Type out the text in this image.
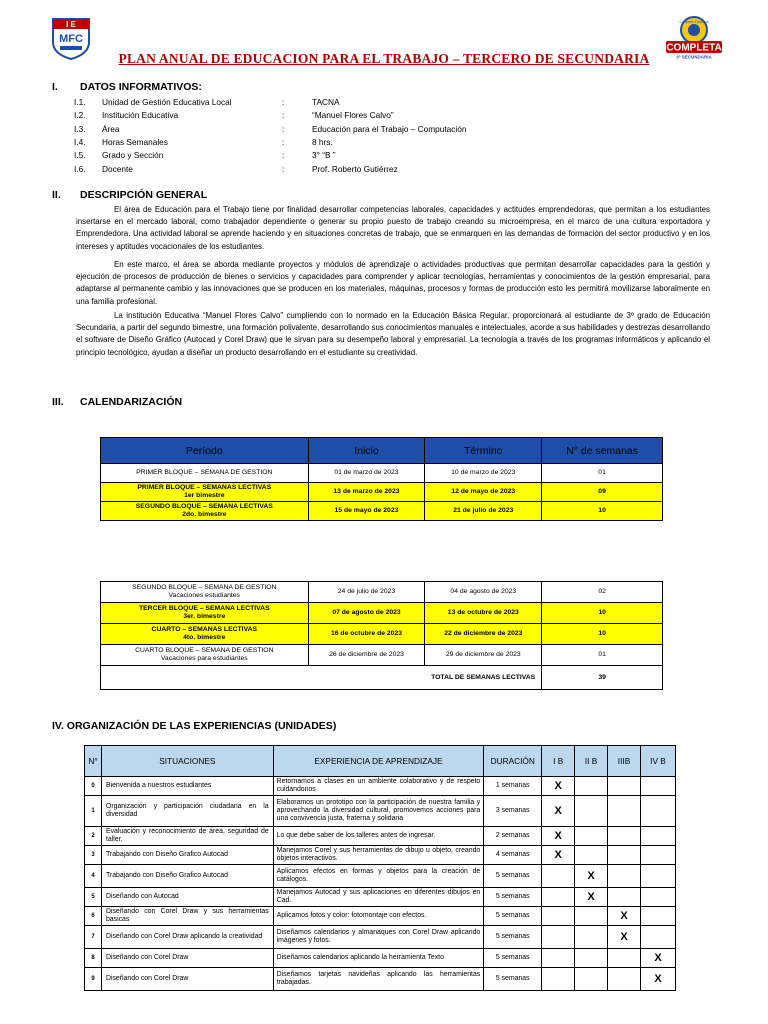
I E
MFC
Carpeta Técnica
COMPLETA
3° SECUNDARIA
PLAN ANUAL DE EDUCACION PARA EL TRABAJO – TERCERO DE SECUNDARIA
I. DATOS INFORMATIVOS:
I.1. Unidad de Gestión Educativa Local	:	TACNA
I.2. Institución Educativa	:	“Manuel Flores Calvo”
I.3. Área	:	Educación para el Trabajo – Computación
I.4. Horas Semanales	:	8 hrs.
I.5. Grado y Sección	:	3° “B ”
I.6. Docente	:	Prof. Roberto Gutiérrez
II. DESCRIPCIÓN GENERAL

El área de Educación para el Trabajo tiene por finalidad desarrollar competencias laborales, capacidades y actitudes emprendedoras, que permitan a los estudiantes insertarse en el mercado laboral, como trabajador dependiente o generar su propio puesto de trabajo creando su microempresa, en el marco de una cultura exportadora y Emprendedora. Una actividad laboral se aprende haciendo y en situaciones concretas de trabajo, que se enmarquen en las demandas de formación del sector productivo y en los intereses y aptitudes vocacionales de los estudiantes.

En este marco, el área se aborda mediante proyectos y módulos de aprendizaje o actividades productivas que permitan desarrollar capacidades para la gestión y ejecución de procesos de producción de bienes o servicios y capacidades para comprender y aplicar tecnologías, herramientas y conocimientos de la gestión empresarial, para adaptarse al permanente cambio y las innovaciones que se producen en los materiales, máquinas, procesos y formas de producción esto les permitirá movilizarse laboralmente en una familia profesional.

La institución Educativa “Manuel Flores Calvo” cumpliendo con lo normado en la Educación Básica Regular, proporcionará al estudiante de 3º grado de Educación Secundaria, a partir del segundo bimestre, una formación polivalente, desarrollando sus conocimientos manuales e intelectuales, acorde a sus habilidades y destrezas desarrollando el software de Diseño Gráfico (Autocad y Corel Draw) que le sirvan para su desempeño laboral y empresarial. La tecnología a través de los programas informáticos y aplicando el principio tecnológico, ayudan a diseñar un producto desarrollando en el estudiante su creatividad.

III. CALENDARIZACIÓN
Período	Inicio	Término	N° de semanas

PRIMER BLOQUE – SEMANA DE GESTION	01 de marzo de 2023	10 de marzo de 2023	01

PRIMER BLOQUE – SEMANAS LECTIVAS
1er bimestre	13 de marzo de 2023	12 de mayo de 2023	09

SEGUNDO BLOQUE – SEMANA LECTIVAS
2do. bimestre	15 de mayo de 2023	21 de julio de 2023	10
SEGUNDO BLOQUE – SEMANA DE GESTION
Vacaciones estudiantes	24 de julio de 2023	04 de agosto de 2023	02

TERCER BLOQUE – SEMANA LECTIVAS
3er. bimestre	07 de agosto de 2023	13 de octubre de 2023	10

CUARTO – SEMANAS LECTIVAS
4to. bimestre	16 de octubre de 2023	22 de diciembre de 2023	10

CUARTO BLOQUE – SEMANA DE GESTION
Vacaciones para estudiantes	26 de diciembre de 2023	29 de diciembre de 2023	01
	TOTAL DE SEMANAS LECTIVAS		39
IV. ORGANIZACIÓN DE LAS EXPERIENCIAS (UNIDADES)
N°	SITUACIONES	EXPERIENCIA DE APRENDIZAJE	DURACIÓN	I B	II B	IIIB	IV B
0	Bienvenida a nuestros estudiantes	Retornamos a clases en un ambiente colaborativo y de respeto cuidandonos	1 semanas	X			
1	Organización y participación ciudadana en la diversidad	Elaboramos un prototipo con la participación de nuestra familia y aprovechando la diversidad cultural, promovemos acciones para una convivencia justa, fraterna y solidaria	3 semanas	X			
2	Evaluación y reconocimiento de área, seguridad de taller.	Lo que debe saber de los talleres antes de ingresar.	2 semanas	X			
3	Trabajando con Diseño Grafico Autocad	Manejamos Corel y sus herramientas de dibujo u objeto, creando objetos interactivos.	4 semanas	X			
4	Trabajando con Diseño Grafico Autocad	Aplicamos efectos en formas y objetos para la creación de catálogos.	5 semanas		X		
5	Diseñando con Autocad	Manejamos Autocad y sus aplicaciones en diferentes dibujos en Cad.	5 semanas		X		
6	Diseñando con Corel Draw y sus herramientas basicas	Aplicamos fotos y color: fotomontaje con efectos.	5 semanas			X	
7	Diseñando con Corel Draw aplicando la creatividad	Diseñamos calendarios y almanaques con Corel Draw aplicando imágenes y fotos.	5 semanas			X	
8	Diseñando con Corel Draw	Diseñamos calendarios aplicando la herramienta Texto	5 semanas				X
9	Diseñando con Corel Draw	Diseñamos tarjetas navideñas aplicando las herramientas trabajadas.	5 semanas				X
